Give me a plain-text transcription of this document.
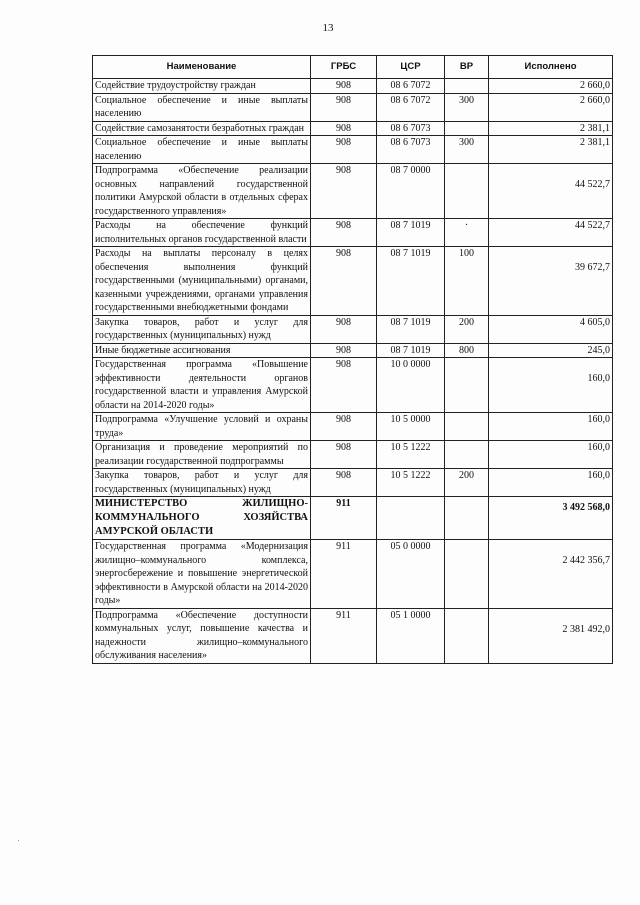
13
Наименование	ГРБС	ЦСР	ВР	Исполнено
Содействие трудоустройству граждан	908	08 6 7072		2 660,0
Социальное обеспечение и иные выплаты населению	908	08 6 7072	300	2 660,0
Содействие самозанятости безработных граждан	908	08 6 7073		2 381,1
Социальное обеспечение и иные выплаты населению	908	08 6 7073	300	2 381,1
Подпрограмма «Обеспечение реализации основных направлений государственной политики Амурской области в отдельных сферах государственного управления»	908	08 7 0000		44 522,7
Расходы на обеспечение функций исполнительных органов государственной власти	908	08 7 1019	·	44 522,7
Расходы на выплаты персоналу в целях обеспечения выполнения функций государственными (муниципальными) органами, казенными учреждениями, органами управления государственными внебюджетными фондами	908	08 7 1019	100	39 672,7
Закупка товаров, работ и услуг для государственных (муниципальных) нужд	908	08 7 1019	200	4 605,0
Иные бюджетные ассигнования	908	08 7 1019	800	245,0
Государственная программа «Повышение эффективности деятельности органов государственной власти и управления Амурской области на 2014-2020 годы»	908	10 0 0000		160,0
Подпрограмма «Улучшение условий и охраны труда»	908	10 5 0000		160,0
Организация и проведение мероприятий по реализации государственной подпрограммы	908	10 5 1222		160,0
Закупка товаров, работ и услуг для государственных (муниципальных) нужд	908	10 5 1222	200	160,0
МИНИСТЕРСТВО ЖИЛИЩНО-КОММУНАЛЬНОГО ХОЗЯЙСТВА АМУРСКОЙ ОБЛАСТИ	911			3 492 568,0
Государственная программа «Модернизация жилищно–коммунального комплекса, энергосбережение и повышение энергетической эффективности в Амурской области на 2014-2020 годы»	911	05 0 0000		2 442 356,7
Подпрограмма «Обеспечение доступности коммунальных услуг, повышение качества и надежности жилищно–коммунального обслуживания населения»	911	05 1 0000		2 381 492,0
